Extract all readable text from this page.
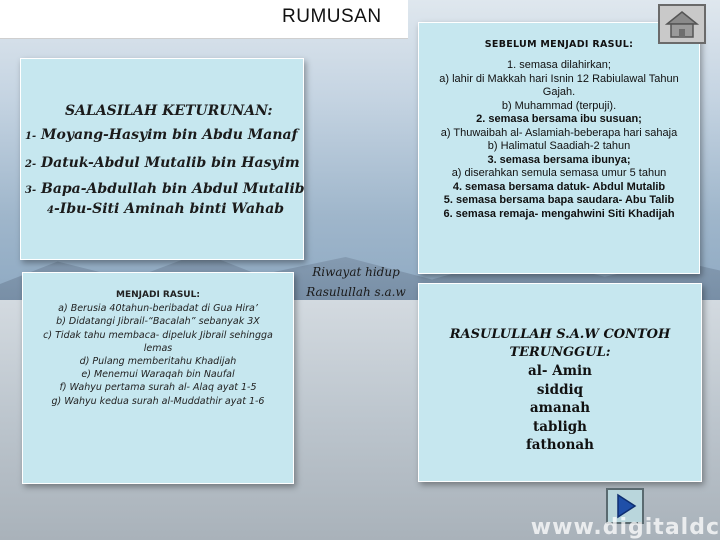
RUMUSAN
SALASILAH KETURUNAN:
1- Moyang-Hasyim bin Abdu Manaf
2- Datuk-Abdul Mutalib bin Hasyim
3- Bapa-Abdullah bin Abdul Mutalib
4-Ibu-Siti Aminah binti Wahab
SEBELUM MENJADI RASUL:
1. semasa dilahirkan;
a) lahir di Makkah hari Isnin 12 Rabiulawal Tahun Gajah.
b) Muhammad (terpuji).
2. semasa bersama ibu susuan;
a) Thuwaibah al- Aslamiah-beberapa hari sahaja
b) Halimatul Saadiah-2 tahun
3. semasa bersama ibunya;
a) diserahkan semula semasa umur 5 tahun
4. semasa bersama datuk- Abdul Mutalib
5. semasa bersama bapa saudara- Abu Talib
6. semasa remaja- mengahwini Siti Khadijah
Riwayat hidup
Rasulullah s.a.w
MENJADI RASUL:
a) Berusia 40tahun-beribadat di Gua Hira’
b) Didatangi Jibrail-“Bacalah” sebanyak 3X
c) Tidak tahu membaca- dipeluk Jibrail sehingga lemas
d) Pulang memberitahu Khadijah
e) Menemui Waraqah bin Naufal
f) Wahyu pertama surah al- Alaq ayat 1-5
g) Wahyu kedua surah al-Muddathir ayat 1-6
RASULULLAH S.A.W CONTOH
TERUNGGUL:
al- Amin
siddiq
amanah
tabligh
fathonah
www.digitaldc
